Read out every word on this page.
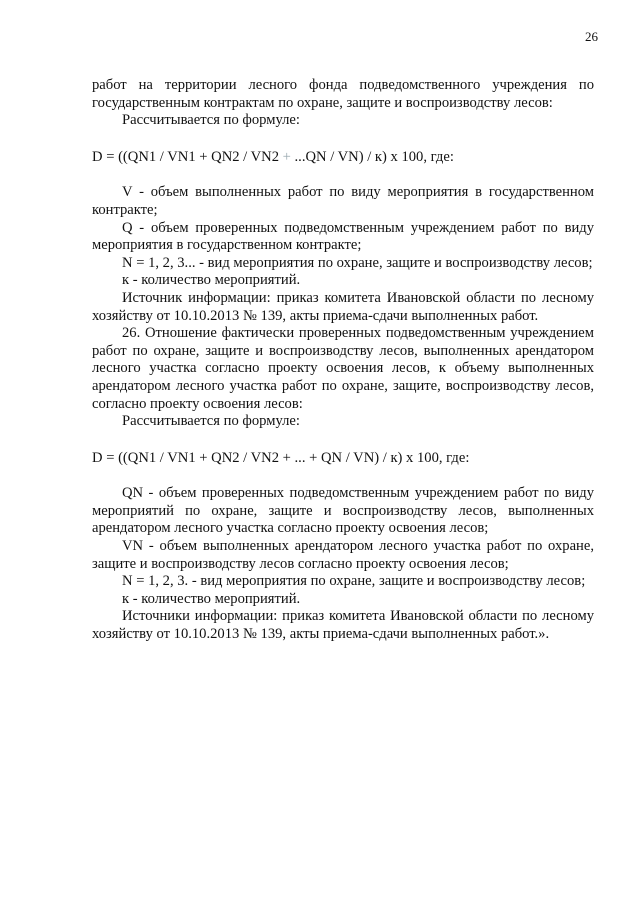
26

работ на территории лесного фонда подведомственного учреждения по государственным контрактам по охране, защите и воспроизводству лесов:

Рассчитывается по формуле:

D = ((QN1 / VN1 + QN2 / VN2 + ...QN / VN) / к) х 100, где:

V - объем выполненных работ по виду мероприятия в государственном контракте;

Q - объем проверенных подведомственным учреждением работ по виду мероприятия в государственном контракте;

N = 1, 2, 3... - вид мероприятия по охране, защите и воспроизводству лесов;

к - количество мероприятий.

Источник информации: приказ комитета Ивановской области по лесному хозяйству от 10.10.2013 № 139, акты приема-сдачи выполненных работ.

26. Отношение фактически проверенных подведомственным учреждением работ по охране, защите и воспроизводству лесов, выполненных арендатором лесного участка согласно проекту освоения лесов, к объему выполненных арендатором лесного участка работ по охране, защите, воспроизводству лесов, согласно проекту освоения лесов:

Рассчитывается по формуле:

D = ((QN1 / VN1 + QN2 / VN2 + ... + QN / VN) / к) х 100, где:

QN - объем проверенных подведомственным учреждением работ по виду мероприятий по охране, защите и воспроизводству лесов, выполненных арендатором лесного участка согласно проекту освоения лесов;

VN - объем выполненных арендатором лесного участка работ по охране, защите и воспроизводству лесов согласно проекту освоения лесов;

N = 1, 2, 3. - вид мероприятия по охране, защите и воспроизводству лесов;

к - количество мероприятий.

Источники информации: приказ комитета Ивановской области по лесному хозяйству от 10.10.2013 № 139, акты приема-сдачи выполненных работ.».
